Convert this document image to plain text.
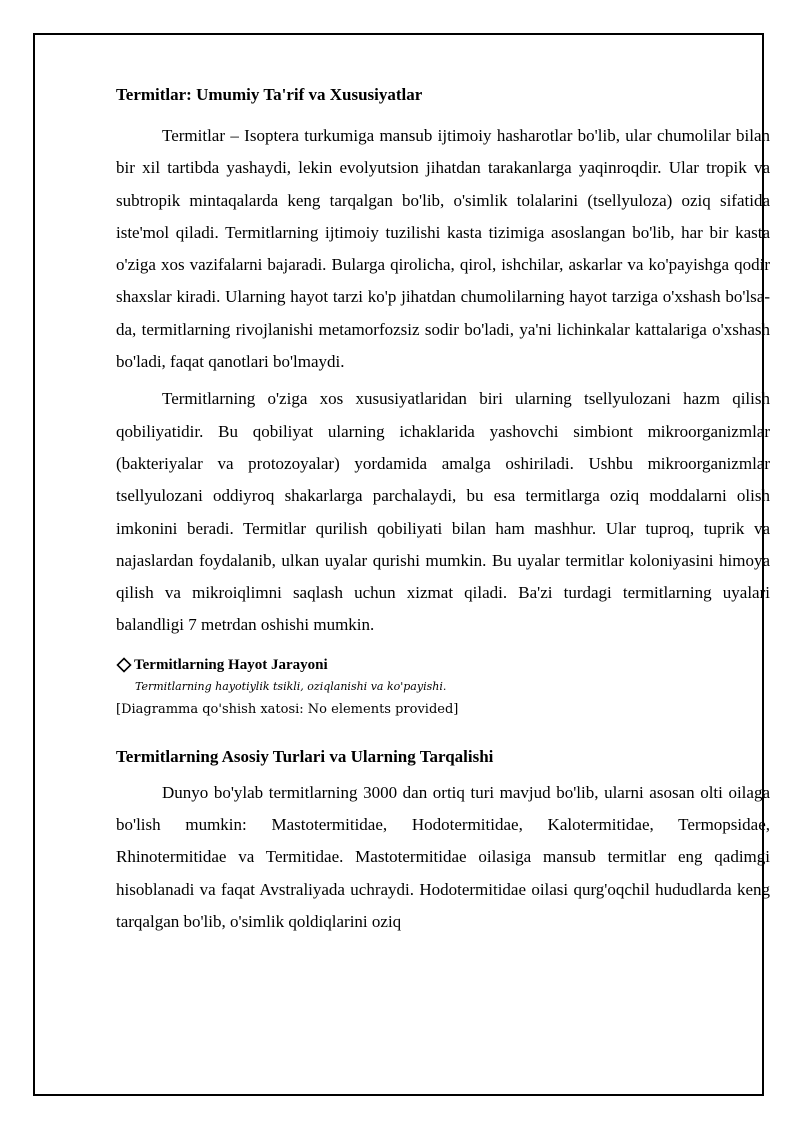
Termitlar: Umumiy Ta'rif va Xususiyatlar

Termitlar – Isoptera turkumiga mansub ijtimoiy hasharotlar bo'lib, ular chumolilar bilan bir xil tartibda yashaydi, lekin evolyutsion jihatdan tarakanlarga yaqinroqdir. Ular tropik va subtropik mintaqalarda keng tarqalgan bo'lib, o'simlik tolalarini (tsellyuloza) oziq sifatida iste'mol qiladi. Termitlarning ijtimoiy tuzilishi kasta tizimiga asoslangan bo'lib, har bir kasta o'ziga xos vazifalarni bajaradi. Bularga qirolicha, qirol, ishchilar, askarlar va ko'payishga qodir shaxslar kiradi. Ularning hayot tarzi ko'p jihatdan chumolilarning hayot tarziga o'xshash bo'lsa-da, termitlarning rivojlanishi metamorfozsiz sodir bo'ladi, ya'ni lichinkalar kattalariga o'xshash bo'ladi, faqat qanotlari bo'lmaydi.

Termitlarning o'ziga xos xususiyatlaridan biri ularning tsellyulozani hazm qilish qobiliyatidir. Bu qobiliyat ularning ichaklarida yashovchi simbiont mikroorganizmlar (bakteriyalar va protozoyalar) yordamida amalga oshiriladi. Ushbu mikroorganizmlar tsellyulozani oddiyroq shakarlarga parchalaydi, bu esa termitlarga oziq moddalarni olish imkonini beradi. Termitlar qurilish qobiliyati bilan ham mashhur. Ular tuproq, tuprik va najaslardan foydalanib, ulkan uyalar qurishi mumkin. Bu uyalar termitlar koloniyasini himoya qilish va mikroiqlimni saqlash uchun xizmat qiladi. Ba'zi turdagi termitlarning uyalari balandligi 7 metrdan oshishi mumkin.

Termitlarning Hayot Jarayoni
Termitlarning hayotiylik tsikli, oziqlanishi va ko'payishi.
[Diagramma qo'shish xatosi: No elements provided]
Termitlarning Asosiy Turlari va Ularning Tarqalishi

Dunyo bo'ylab termitlarning 3000 dan ortiq turi mavjud bo'lib, ularni asosan olti oilaga bo'lish mumkin: Mastotermitidae, Hodotermitidae, Kalotermitidae, Termopsidae, Rhinotermitidae va Termitidae. Mastotermitidae oilasiga mansub termitlar eng qadimgi hisoblanadi va faqat Avstraliyada uchraydi. Hodotermitidae oilasi qurg'oqchil hududlarda keng tarqalgan bo'lib, o'simlik qoldiqlarini oziq
